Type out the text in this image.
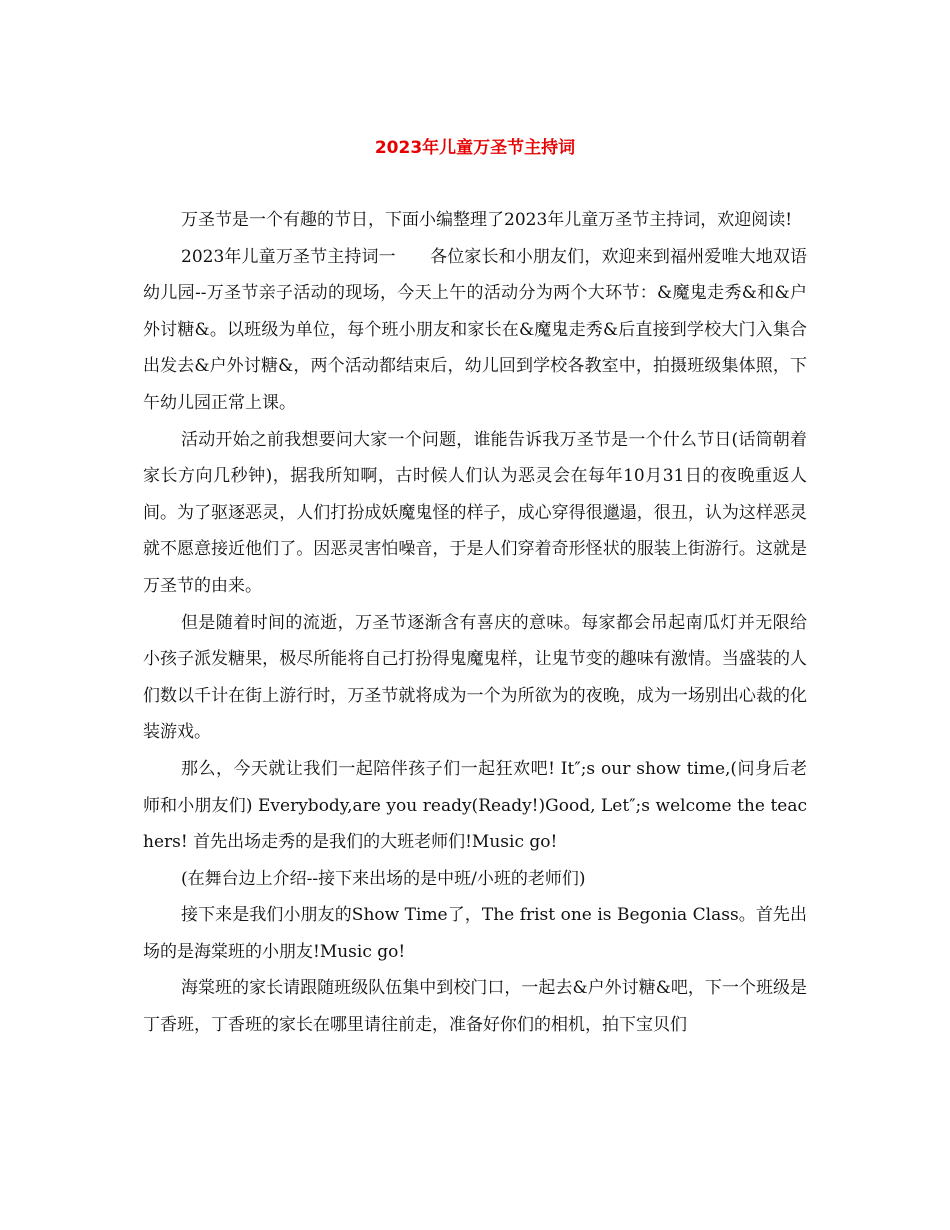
2023年儿童万圣节主持词

万圣节是一个有趣的节日，下面小编整理了2023年儿童万圣节主持词，欢迎阅读!

2023年儿童万圣节主持词一　　各位家长和小朋友们，欢迎来到福州爱唯大地双语幼儿园--万圣节亲子活动的现场，今天上午的活动分为两个大环节：&魔鬼走秀&和&户外讨糖&。以班级为单位，每个班小朋友和家长在&魔鬼走秀&后直接到学校大门入集合出发去&户外讨糖&，两个活动都结束后，幼儿回到学校各教室中，拍摄班级集体照，下午幼儿园正常上课。

活动开始之前我想要问大家一个问题，谁能告诉我万圣节是一个什么节日(话筒朝着家长方向几秒钟)，据我所知啊，古时候人们认为恶灵会在每年10月31日的夜晚重返人间。为了驱逐恶灵，人们打扮成妖魔鬼怪的样子，成心穿得很邋遢，很丑，认为这样恶灵就不愿意接近他们了。因恶灵害怕噪音，于是人们穿着奇形怪状的服装上街游行。这就是万圣节的由来。

但是随着时间的流逝，万圣节逐渐含有喜庆的意味。每家都会吊起南瓜灯并无限给小孩子派发糖果，极尽所能将自己打扮得鬼魔鬼样，让鬼节变的趣味有激情。当盛装的人们数以千计在街上游行时，万圣节就将成为一个为所欲为的夜晚，成为一场别出心裁的化装游戏。

那么，今天就让我们一起陪伴孩子们一起狂欢吧! It″;s our show time,(问身后老师和小朋友们) Everybody,are you ready(Ready!)Good, Let″;s welcome the teachers! 首先出场走秀的是我们的大班老师们!Music go!

(在舞台边上介绍--接下来出场的是中班/小班的老师们)

接下来是我们小朋友的Show Time了，The frist one is Begonia Class。首先出场的是海棠班的小朋友!Music go!

海棠班的家长请跟随班级队伍集中到校门口，一起去&户外讨糖&吧，下一个班级是丁香班，丁香班的家长在哪里请往前走，准备好你们的相机，拍下宝贝们
